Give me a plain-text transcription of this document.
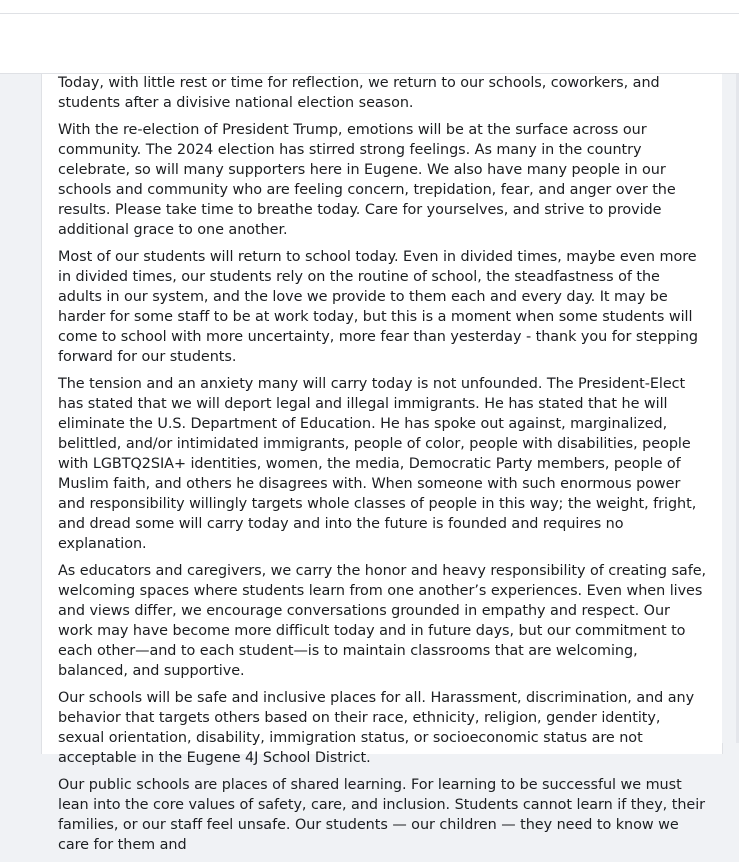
Today, with little rest or time for reflection, we return to our schools, coworkers, and students after a divisive national election season.

With the re-election of President Trump, emotions will be at the surface across our community. The 2024 election has stirred strong feelings. As many in the country celebrate, so will many supporters here in Eugene. We also have many people in our schools and community who are feeling concern, trepidation, fear, and anger over the results. Please take time to breathe today. Care for yourselves, and strive to provide additional grace to one another.

Most of our students will return to school today. Even in divided times, maybe even more in divided times, our students rely on the routine of school, the steadfastness of the adults in our system, and the love we provide to them each and every day. It may be harder for some staff to be at work today, but this is a moment when some students will come to school with more uncertainty, more fear than yesterday - thank you for stepping forward for our students.

The tension and an anxiety many will carry today is not unfounded. The President-Elect has stated that we will deport legal and illegal immigrants. He has stated that he will eliminate the U.S. Department of Education. He has spoke out against, marginalized, belittled, and/or intimidated immigrants, people of color, people with disabilities, people with LGBTQ2SIA+ identities, women, the media, Democratic Party members, people of Muslim faith, and others he disagrees with. When someone with such enormous power and responsibility willingly targets whole classes of people in this way; the weight, fright, and dread some will carry today and into the future is founded and requires no explanation.

As educators and caregivers, we carry the honor and heavy responsibility of creating safe, welcoming spaces where students learn from one another’s experiences. Even when lives and views differ, we encourage conversations grounded in empathy and respect. Our work may have become more difficult today and in future days, but our commitment to each other—and to each student—is to maintain classrooms that are welcoming, balanced, and supportive.

Our schools will be safe and inclusive places for all. Harassment, discrimination, and any behavior that targets others based on their race, ethnicity, religion, gender identity, sexual orientation, disability, immigration status, or socioeconomic status are not acceptable in the Eugene 4J School District.

Our public schools are places of shared learning. For learning to be successful we must lean into the core values of safety, care, and inclusion. Students cannot learn if they, their families, or our staff feel unsafe. Our students — our children — they need to know we care for them and
